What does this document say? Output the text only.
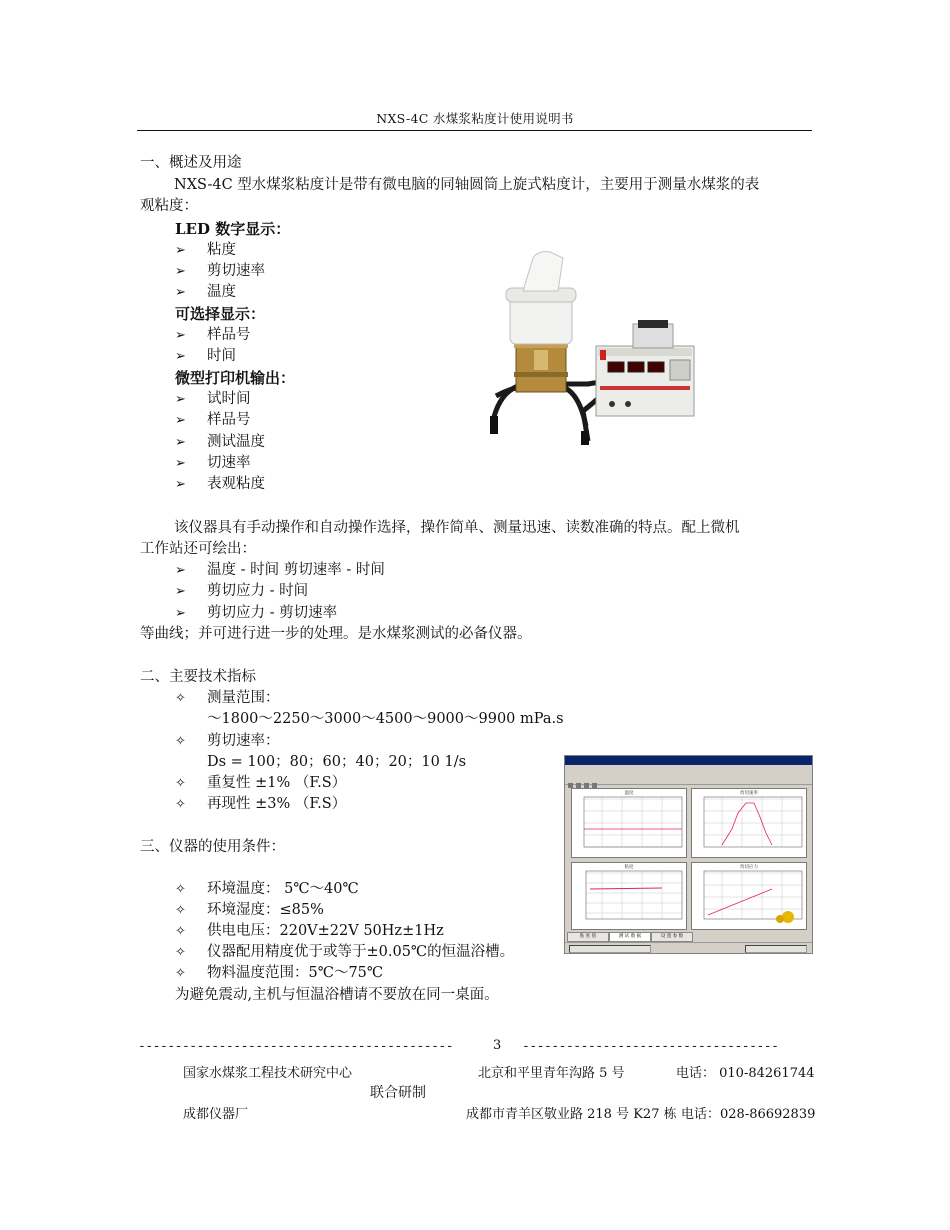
NXS-4C 水煤浆粘度计使用说明书
一、概述及用途
NXS-4C 型水煤浆粘度计是带有微电脑的同轴圆筒上旋式粘度计，主要用于测量水煤浆的表
观粘度：
LED 数字显示：
➢ 粘度
➢ 剪切速率
➢ 温度
可选择显示：
➢ 样品号
➢ 时间
微型打印机输出：
➢ 试时间
➢ 样品号
➢ 测试温度
➢ 切速率
➢ 表观粘度
该仪器具有手动操作和自动操作选择，操作简单、测量迅速、读数准确的特点。配上微机
工作站还可绘出：
➢ 温度 - 时间 剪切速率 - 时间
➢ 剪切应力 - 时间
➢ 剪切应力 - 剪切速率
等曲线；并可进行进一步的处理。是水煤浆测试的必备仪器。
二、主要技术指标
✧ 测量范围：
～1800～2250～3000～4500～9000～9900 mPa.s
✧ 剪切速率：
Ds = 100；80；60；40；20；10 1/s
✧ 重复性 ±1% （F.S）
✧ 再现性 ±3% （F.S）
温度	剪切速率
粘度	剪切应力
粘 度 值	测 试 数 据	设 置 参 数
三、仪器的使用条件：
✧ 环境温度： 5℃～40℃
✧ 环境湿度：≤85%
✧ 供电电压：220V±22V 50Hz±1Hz
✧ 仪器配用精度优于或等于±0.05℃的恒温浴槽。
✧ 物料温度范围：5℃～75℃
为避免震动,主机与恒温浴槽请不要放在同一桌面。
-------------------------------------------	3 -----------------------------------
国家水煤浆工程技术研究中心	北京和平里青年沟路 5 号	电话： 010-84261744
联合研制
成都仪器厂	成都市青羊区敬业路 218 号 K27 栋 电话：028-86692839
